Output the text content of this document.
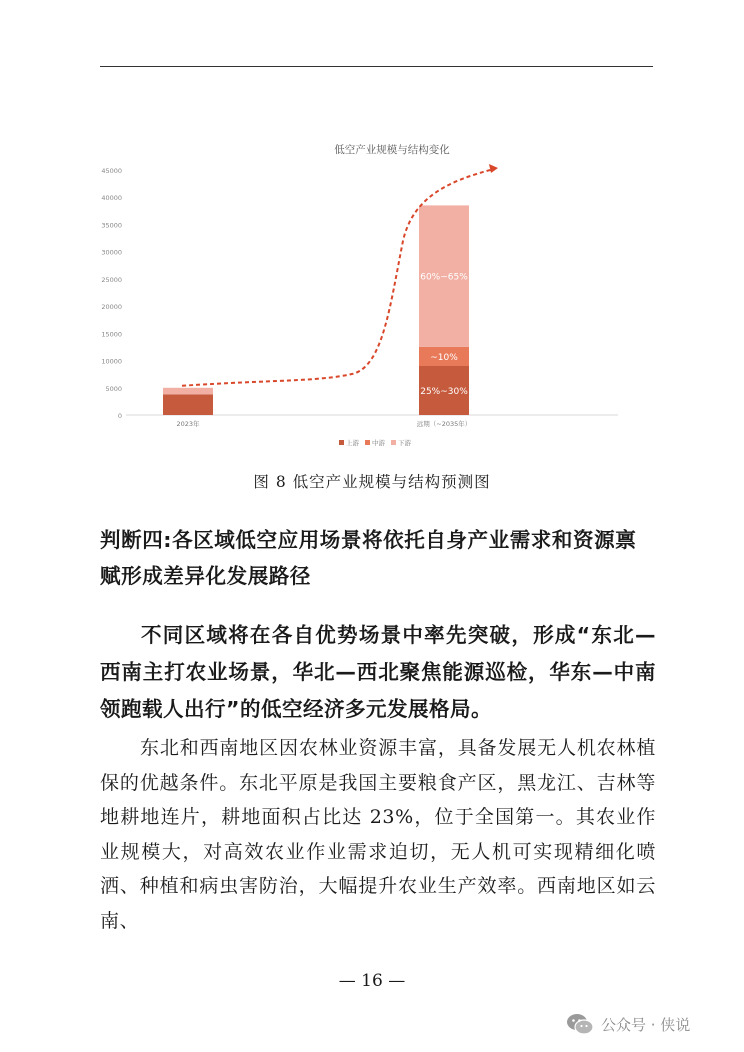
低空产业规模与结构变化
0
5000
10000
15000
20000
25000
30000
35000
40000
45000
2023年
25%~30%
~10%
60%~65%
远期（~2035年）
上游 中游 下游
图 8 低空产业规模与结构预测图
判断四:各区域低空应用场景将依托自身产业需求和资源禀赋形成差异化发展路径

不同区域将在各自优势场景中率先突破，形成“东北—西南主打农业场景，华北—西北聚焦能源巡检，华东—中南领跑载人出行”的低空经济多元发展格局。

东北和西南地区因农林业资源丰富，具备发展无人机农林植保的优越条件。东北平原是我国主要粮食产区，黑龙江、吉林等地耕地连片，耕地面积占比达 23%，位于全国第一。其农业作业规模大，对高效农业作业需求迫切，无人机可实现精细化喷洒、种植和病虫害防治，大幅提升农业生产效率。西南地区如云南、

— 16 —
公众号 · 侠说
